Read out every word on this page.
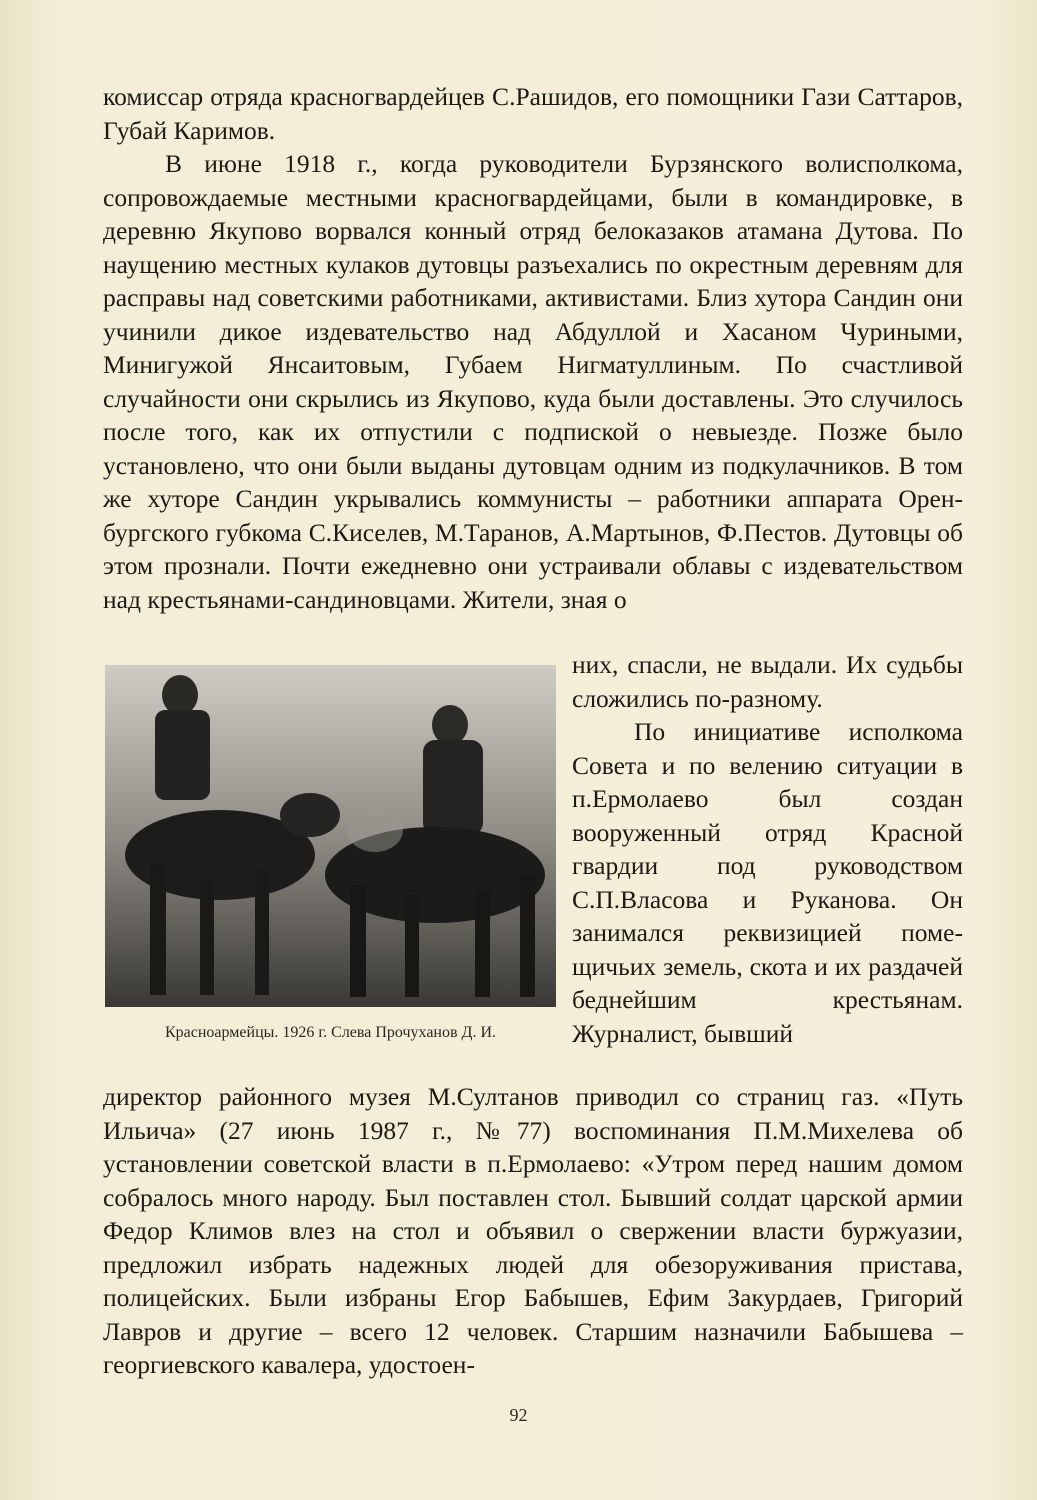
комиссар отряда красногвардейцев С.Рашидов, его помощники Гази Саттаров, Губай Каримов.

В июне 1918 г., когда руководители Бурзянского волисполкома, сопровождаемые местными красногвардейцами, были в командировке, в деревню Якупово ворвался конный отряд белоказаков атамана Дутова. По наущению местных кулаков дутовцы разъехались по окрестным деревням для расправы над советскими работниками, активистами. Близ хутора Сандин они учинили дикое издевательство над Абдуллой и Хасаном Чуриными, Минигужой Янсаитовым, Губаем Нигматуллиным. По счастливой случайности они скрылись из Якупово, куда были доставлены. Это случилось после того, как их отпустили с подпиской о невыезде. Позже было установлено, что они были выданы дутовцам одним из подкулачников. В том же хуторе Сандин укрывались коммунисты – работники аппарата Оренбургского губкома С.Киселев, М.Таранов, А.Мартынов, Ф.Пестов. Дутовцы об этом прознали. Почти ежедневно они устраивали облавы с издевательством над крестьянами-сандиновцами. Жители, зная о

Красноармейцы. 1926 г. Слева Прочуханов Д. И.

них, спасли, не выдали. Их судьбы сложились по-разному.

По инициативе исполкома Совета и по велению ситуации в п.Ермолаево был создан вооруженный отряд Красной гвардии под руководством С.П.Власова и Руканова. Он занимался реквизицией помещичьих земель, скота и их раздачей беднейшим крестьянам. Журналист, бывший

директор районного музея М.Султанов приводил со страниц газ. «Путь Ильича» (27 июнь 1987 г., №77) воспоминания П.М.Михелева об установлении советской власти в п.Ермолаево: «Утром перед нашим домом собралось много народу. Был поставлен стол. Бывший солдат царской армии Федор Климов влез на стол и объявил о свержении власти буржуазии, предложил избрать надежных людей для обезоруживания пристава, полицейских. Были избраны Егор Бабышев, Ефим Закурдаев, Григорий Лавров и другие – всего 12 человек. Старшим назначили Бабышева – георгиевского кавалера, удостоен-

92
